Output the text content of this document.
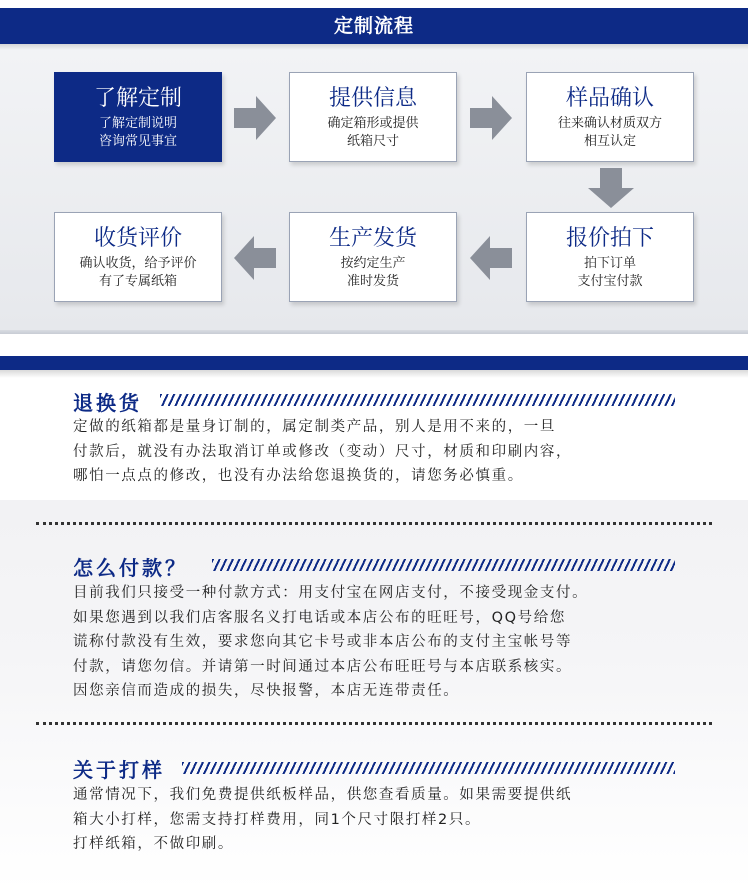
定制流程
了解定制
了解定制说明
咨询常见事宜
提供信息
确定箱形或提供
纸箱尺寸
样品确认
往来确认材质双方
相互认定
收货评价
确认收货，给予评价
有了专属纸箱
生产发货
按约定生产
准时发货
报价拍下
拍下订单
支付宝付款
退换货
定做的纸箱都是量身订制的，属定制类产品，别人是用不来的，一旦
付款后，就没有办法取消订单或修改（变动）尺寸，材质和印刷内容，
哪怕一点点的修改，也没有办法给您退换货的，请您务必慎重。
怎么付款？
目前我们只接受一种付款方式：用支付宝在网店支付，不接受现金支付。
如果您遇到以我们店客服名义打电话或本店公布的旺旺号，QQ号给您
谎称付款没有生效，要求您向其它卡号或非本店公布的支付主宝帐号等
付款，请您勿信。并请第一时间通过本店公布旺旺号与本店联系核实。
因您亲信而造成的损失，尽快报警，本店无连带责任。
关于打样
通常情况下，我们免费提供纸板样品，供您查看质量。如果需要提供纸
箱大小打样，您需支持打样费用，同1个尺寸限打样2只。
打样纸箱，不做印刷。
